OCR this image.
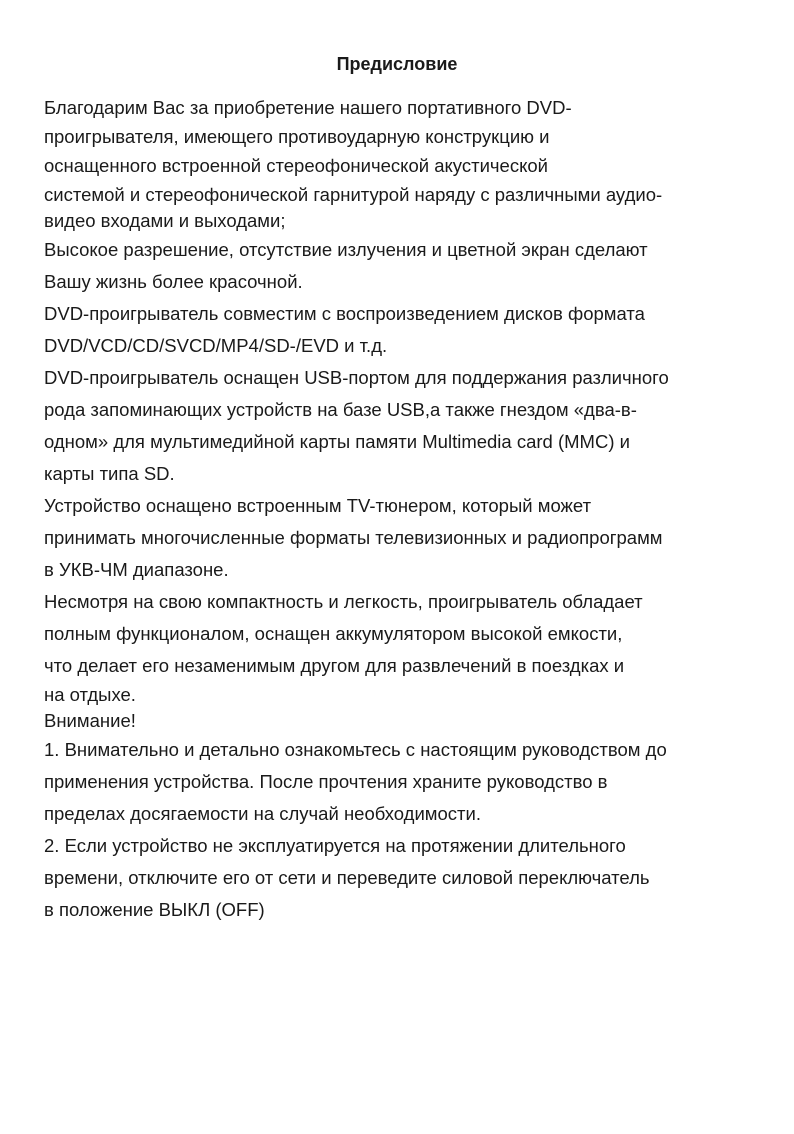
Предисловие
Благодарим Вас за приобретение нашего портативного DVD-
проигрывателя, имеющего противоударную конструкцию и
оснащенного встроенной стереофонической акустической
системой и стереофонической гарнитурой наряду с различными аудио-
видео входами и выходами;
Высокое разрешение, отсутствие излучения и цветной экран сделают
Вашу жизнь более красочной.
DVD-проигрыватель совместим с воспроизведением дисков формата
DVD/VCD/CD/SVCD/MP4/SD-/EVD и т.д.
DVD-проигрыватель оснащен USB-портом для поддержания различного
рода запоминающих устройств на базе USB,а также гнездом «два-в-
одном» для мультимедийной карты памяти Multimedia card (MMC) и
карты типа SD.
Устройство оснащено встроенным TV-тюнером, который может
принимать многочисленные форматы телевизионных и радиопрограмм
в УКВ-ЧМ диапазоне.
Несмотря на свою компактность и легкость, проигрыватель обладает
полным функционалом, оснащен аккумулятором высокой емкости,
что делает его незаменимым другом для развлечений в поездках и
на отдыхе.
Внимание!
1. Внимательно и детально ознакомьтесь с настоящим руководством до
применения устройства. После прочтения храните руководство в
пределах досягаемости на случай необходимости.
2. Если устройство не эксплуатируется на протяжении длительного
времени, отключите его от сети и переведите силовой переключатель
в положение ВЫКЛ (OFF)
